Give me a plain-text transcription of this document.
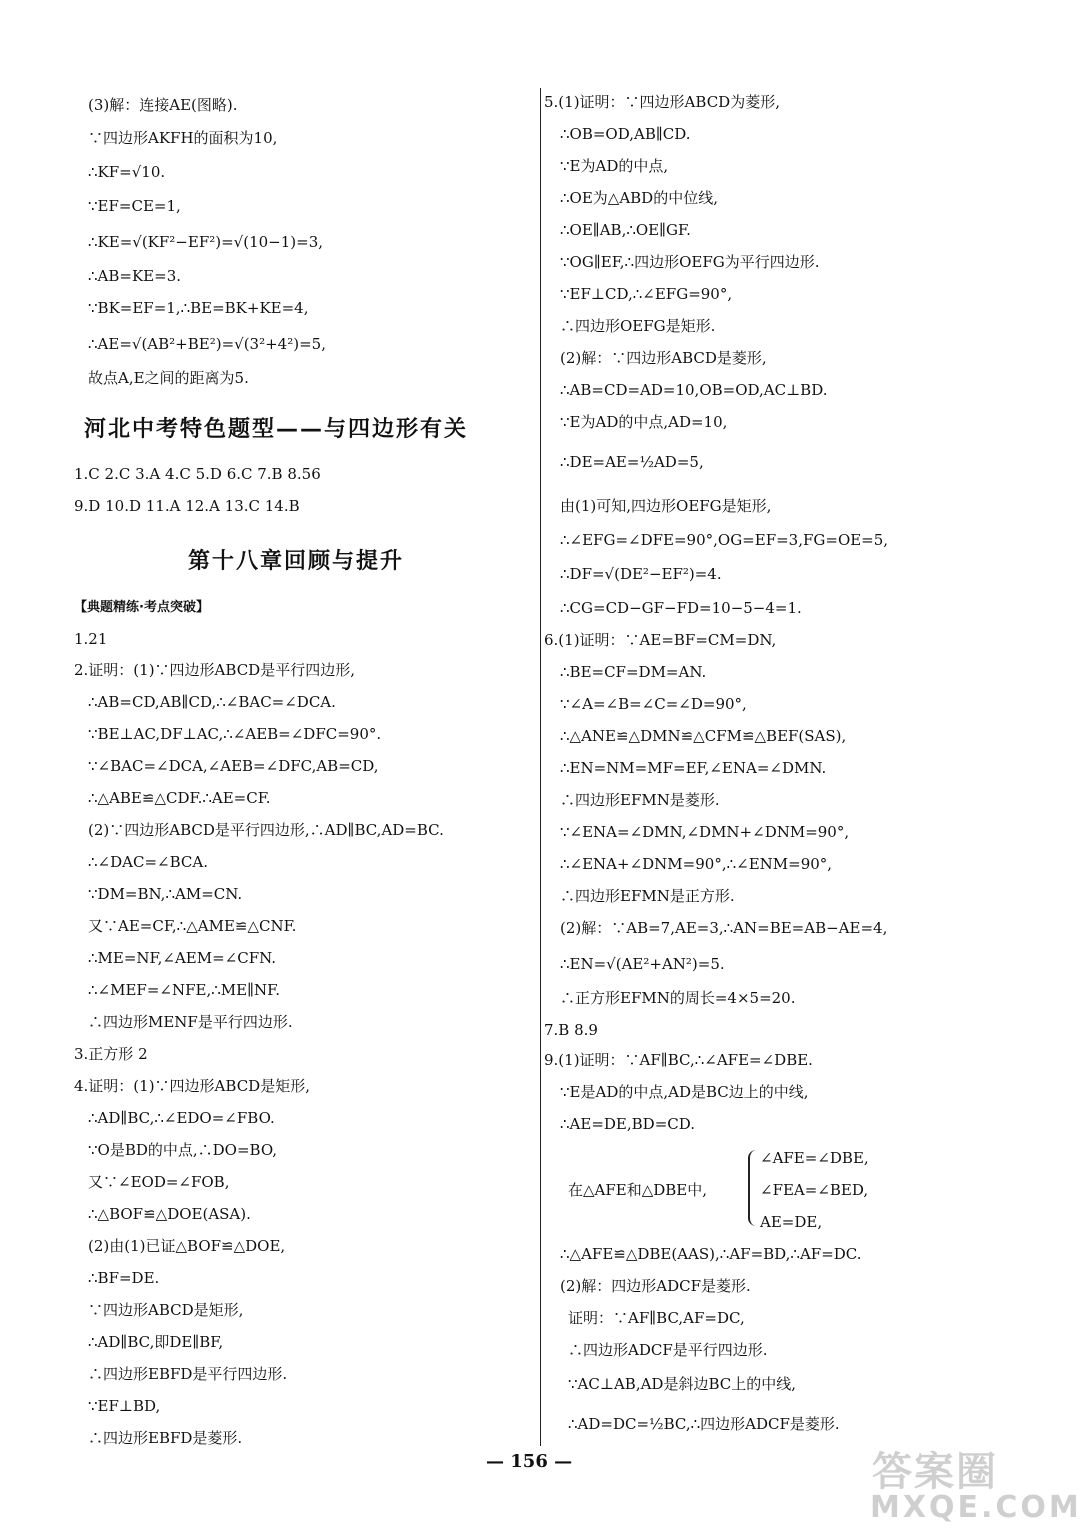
(3)解：连接AE(图略).
∵四边形AKFH的面积为10,
∴KF=√10.
∵EF=CE=1,
∴KE=√(KF²−EF²)=√(10−1)=3,
∴AB=KE=3.
∵BK=EF=1,∴BE=BK+KE=4,
∴AE=√(AB²+BE²)=√(3²+4²)=5,
故点A,E之间的距离为5.
1.C 2.C 3.A 4.C 5.D 6.C 7.B 8.56
9.D 10.D 11.A 12.A 13.C 14.B
1.21
2.证明：(1)∵四边形ABCD是平行四边形,
∴AB=CD,AB∥CD,∴∠BAC=∠DCA.
∵BE⊥AC,DF⊥AC,∴∠AEB=∠DFC=90°.
∵∠BAC=∠DCA,∠AEB=∠DFC,AB=CD,
∴△ABE≌△CDF.∴AE=CF.
(2)∵四边形ABCD是平行四边形,∴AD∥BC,AD=BC.
∴∠DAC=∠BCA.
∵DM=BN,∴AM=CN.
又∵AE=CF,∴△AME≌△CNF.
∴ME=NF,∠AEM=∠CFN.
∴∠MEF=∠NFE,∴ME∥NF.
∴四边形MENF是平行四边形.
3.正方形 2
4.证明：(1)∵四边形ABCD是矩形,
∴AD∥BC,∴∠EDO=∠FBO.
∵O是BD的中点,∴DO=BO,
又∵∠EOD=∠FOB,
∴△BOF≌△DOE(ASA).
(2)由(1)已证△BOF≌△DOE,
∴BF=DE.
∵四边形ABCD是矩形,
∴AD∥BC,即DE∥BF,
∴四边形EBFD是平行四边形.
∵EF⊥BD,
∴四边形EBFD是菱形.
河北中考特色题型——与四边形有关
第十八章回顾与提升
【典题精练·考点突破】
5.(1)证明：∵四边形ABCD为菱形,
∴OB=OD,AB∥CD.
∵E为AD的中点,
∴OE为△ABD的中位线,
∴OE∥AB,∴OE∥GF.
∵OG∥EF,∴四边形OEFG为平行四边形.
∵EF⊥CD,∴∠EFG=90°,
∴四边形OEFG是矩形.
(2)解：∵四边形ABCD是菱形,
∴AB=CD=AD=10,OB=OD,AC⊥BD.
∵E为AD的中点,AD=10,
∴DE=AE=½AD=5,
由(1)可知,四边形OEFG是矩形,
∴∠EFG=∠DFE=90°,OG=EF=3,FG=OE=5,
∴DF=√(DE²−EF²)=4.
∴CG=CD−GF−FD=10−5−4=1.
6.(1)证明：∵AE=BF=CM=DN,
∴BE=CF=DM=AN.
∵∠A=∠B=∠C=∠D=90°,
∴△ANE≌△DMN≌△CFM≌△BEF(SAS),
∴EN=NM=MF=EF,∠ENA=∠DMN.
∴四边形EFMN是菱形.
∵∠ENA=∠DMN,∠DMN+∠DNM=90°,
∴∠ENA+∠DNM=90°,∴∠ENM=90°,
∴四边形EFMN是正方形.
(2)解：∵AB=7,AE=3,∴AN=BE=AB−AE=4,
∴EN=√(AE²+AN²)=5.
∴正方形EFMN的周长=4×5=20.
7.B 8.9
9.(1)证明：∵AF∥BC,∴∠AFE=∠DBE.
∵E是AD的中点,AD是BC边上的中线,
∴AE=DE,BD=CD.
在△AFE和△DBE中,
∠AFE=∠DBE,
∠FEA=∠BED,
AE=DE,
∴△AFE≌△DBE(AAS),∴AF=BD,∴AF=DC.
(2)解：四边形ADCF是菱形.
证明：∵AF∥BC,AF=DC,
∴四边形ADCF是平行四边形.
∵AC⊥AB,AD是斜边BC上的中线,
∴AD=DC=½BC,∴四边形ADCF是菱形.
— 156 —	答案圈
MXQE.COM
